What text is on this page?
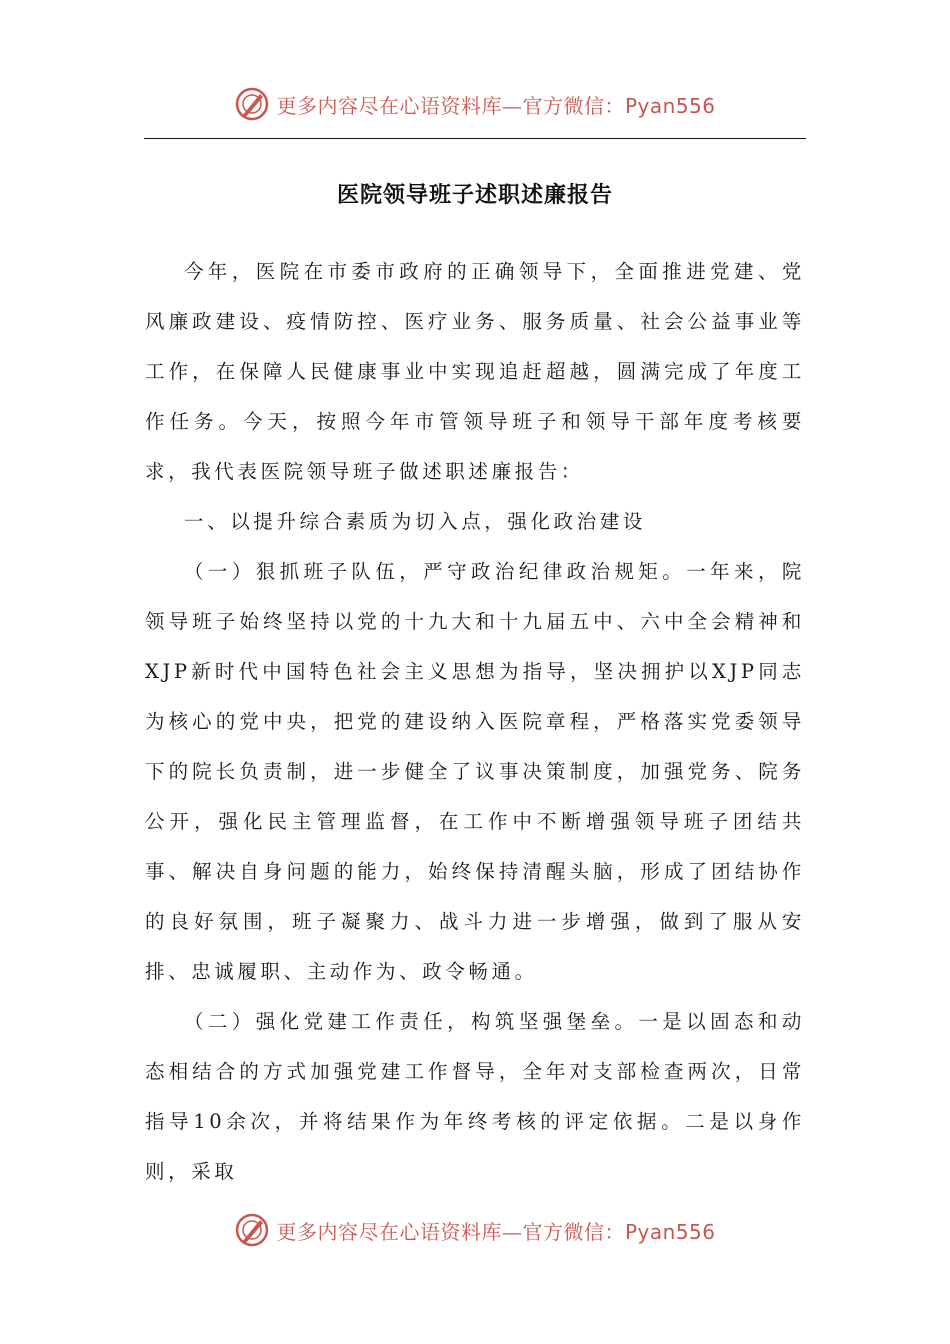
更多内容尽在心语资料库—官方微信：Pyan556
医院领导班子述职述廉报告

今年，医院在市委市政府的正确领导下，全面推进党建、党风廉政建设、疫情防控、医疗业务、服务质量、社会公益事业等工作，在保障人民健康事业中实现追赶超越，圆满完成了年度工作任务。今天，按照今年市管领导班子和领导干部年度考核要求，我代表医院领导班子做述职述廉报告：

一、以提升综合素质为切入点，强化政治建设

（一）狠抓班子队伍，严守政治纪律政治规矩。一年来，院领导班子始终坚持以党的十九大和十九届五中、六中全会精神和XJP新时代中国特色社会主义思想为指导，坚决拥护以XJP同志为核心的党中央，把党的建设纳入医院章程，严格落实党委领导下的院长负责制，进一步健全了议事决策制度，加强党务、院务公开，强化民主管理监督，在工作中不断增强领导班子团结共事、解决自身问题的能力，始终保持清醒头脑，形成了团结协作的良好氛围，班子凝聚力、战斗力进一步增强，做到了服从安排、忠诚履职、主动作为、政令畅通。

（二）强化党建工作责任，构筑坚强堡垒。一是以固态和动态相结合的方式加强党建工作督导，全年对支部检查两次，日常指导10余次，并将结果作为年终考核的评定依据。二是以身作则，采取

更多内容尽在心语资料库—官方微信：Pyan556
